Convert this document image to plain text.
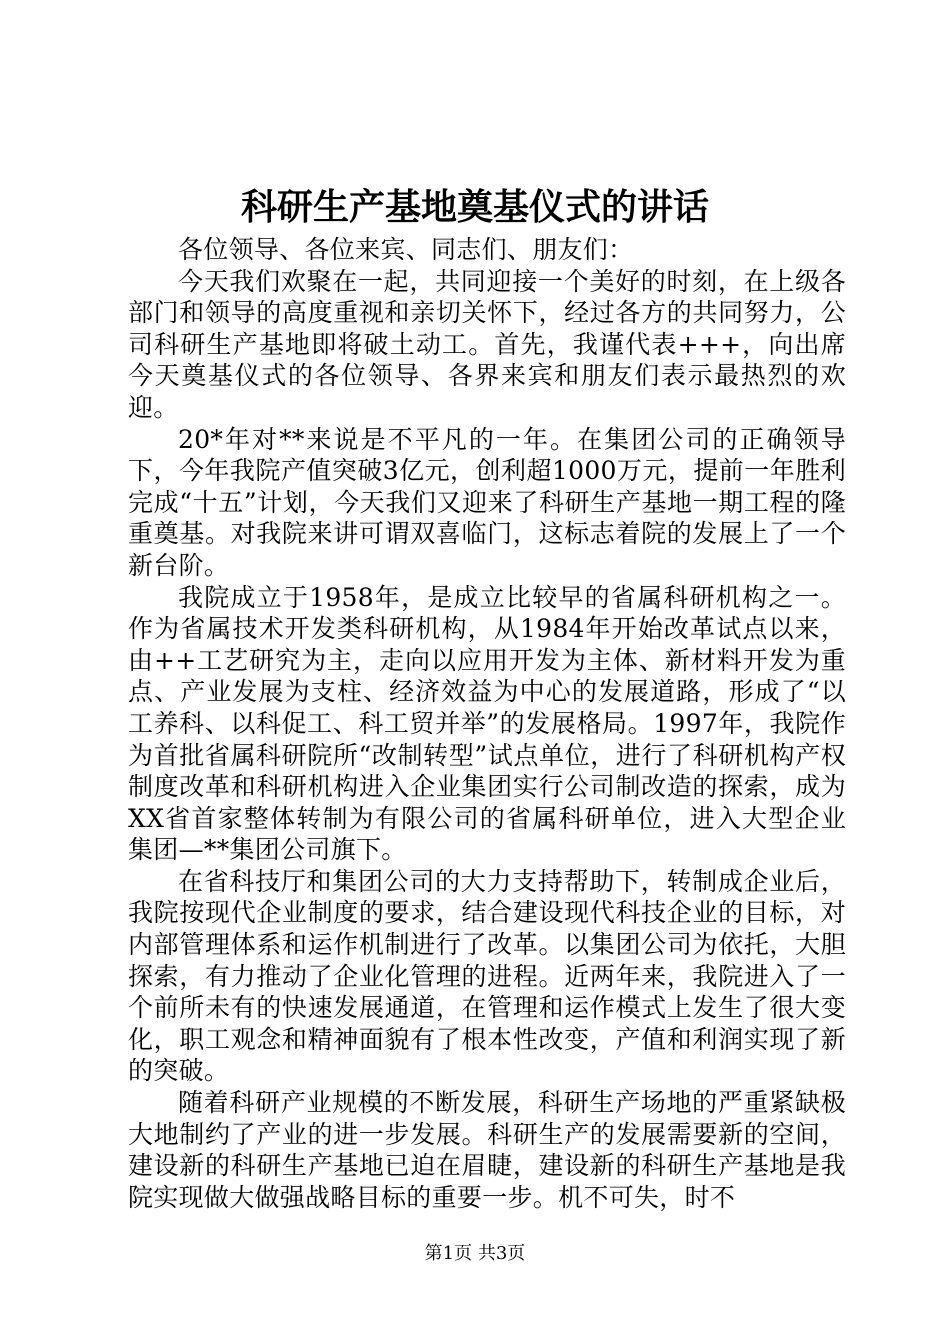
科研生产基地奠基仪式的讲话

各位领导、各位来宾、同志们、朋友们：

今天我们欢聚在一起，共同迎接一个美好的时刻，在上级各部门和领导的高度重视和亲切关怀下，经过各方的共同努力，公司科研生产基地即将破土动工。首先，我谨代表+++，向出席今天奠基仪式的各位领导、各界来宾和朋友们表示最热烈的欢迎。

20*年对**来说是不平凡的一年。在集团公司的正确领导下，今年我院产值突破3亿元，创利超1000万元，提前一年胜利完成“十五”计划，今天我们又迎来了科研生产基地一期工程的隆重奠基。对我院来讲可谓双喜临门，这标志着院的发展上了一个新台阶。

我院成立于1958年，是成立比较早的省属科研机构之一。作为省属技术开发类科研机构，从1984年开始改革试点以来，由++工艺研究为主，走向以应用开发为主体、新材料开发为重点、产业发展为支柱、经济效益为中心的发展道路，形成了“以工养科、以科促工、科工贸并举”的发展格局。1997年，我院作为首批省属科研院所“改制转型”试点单位，进行了科研机构产权制度改革和科研机构进入企业集团实行公司制改造的探索，成为XX省首家整体转制为有限公司的省属科研单位，进入大型企业集团—**集团公司旗下。

在省科技厅和集团公司的大力支持帮助下，转制成企业后，我院按现代企业制度的要求，结合建设现代科技企业的目标，对内部管理体系和运作机制进行了改革。以集团公司为依托，大胆探索，有力推动了企业化管理的进程。近两年来，我院进入了一个前所未有的快速发展通道，在管理和运作模式上发生了很大变化，职工观念和精神面貌有了根本性改变，产值和利润实现了新的突破。

随着科研产业规模的不断发展，科研生产场地的严重紧缺极大地制约了产业的进一步发展。科研生产的发展需要新的空间，建设新的科研生产基地已迫在眉睫，建设新的科研生产基地是我院实现做大做强战略目标的重要一步。机不可失，时不

第1页 共3页
